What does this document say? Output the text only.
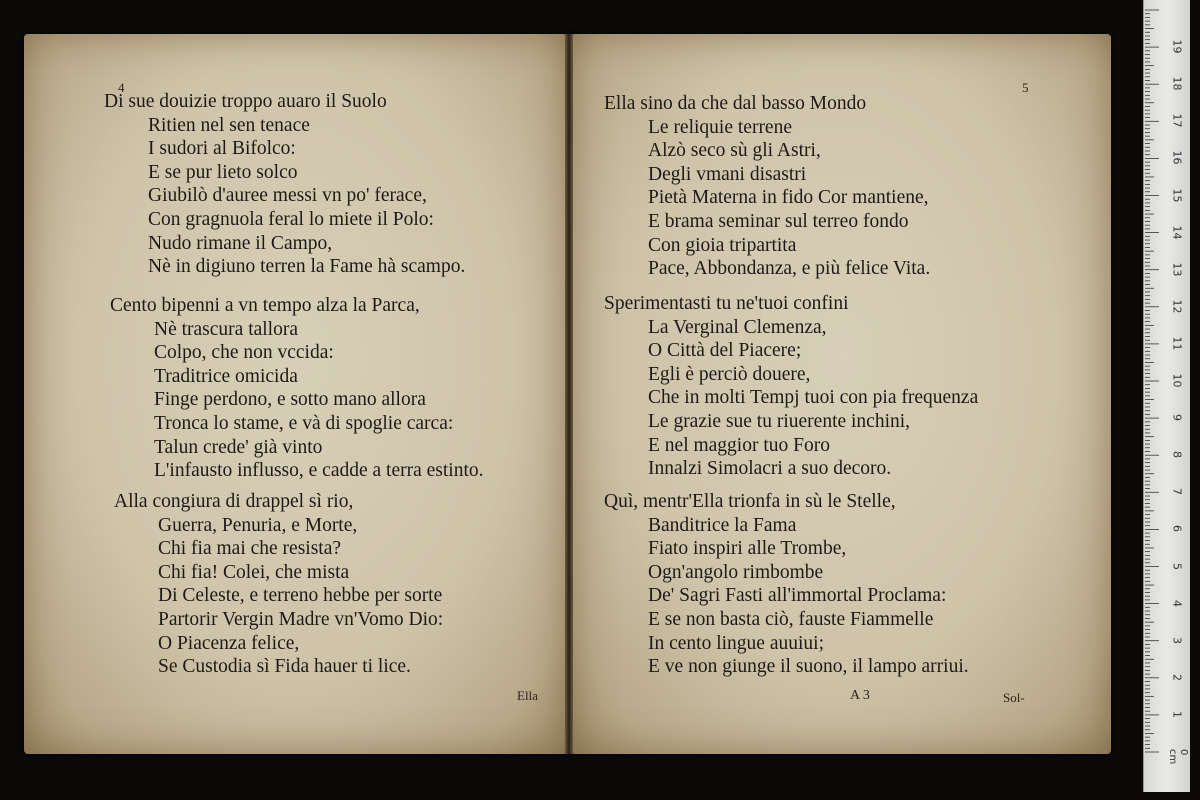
4	5
Di sue douizie troppo auaro il Suolo
Ritien nel sen tenace
I sudori al Bifolco:
E se pur lieto solco
Giubilò d'auree messi vn po' ferace,
Con gragnuola feral lo miete il Polo:
Nudo rimane il Campo,
Nè in digiuno terren la Fame hà scampo.
Cento bipenni a vn tempo alza la Parca,
Nè trascura tallora
Colpo, che non vccida:
Traditrice omicida
Finge perdono, e sotto mano allora
Tronca lo stame, e và di spoglie carca:
Talun crede' già vinto
L'infausto influsso, e cadde a terra estinto.
Alla congiura di drappel sì rio,
Guerra, Penuria, e Morte,
Chi fia mai che resista?
Chi fia! Colei, che mista
Di Celeste, e terreno hebbe per sorte
Partorir Vergin Madre vn'Vomo Dio:
O Piacenza felice,
Se Custodia sì Fida hauer ti lice.
Ella
Ella sino da che dal basso Mondo
Le reliquie terrene
Alzò seco sù gli Astri,
Degli vmani disastri
Pietà Materna in fido Cor mantiene,
E brama seminar sul terreo fondo
Con gioia tripartita
Pace, Abbondanza, e più felice Vita.
Sperimentasti tu ne'tuoi confini
La Verginal Clemenza,
O Città del Piacere;
Egli è perciò douere,
Che in molti Tempj tuoi con pia frequenza
Le grazie sue tu riuerente inchini,
E nel maggior tuo Foro
Innalzi Simolacri a suo decoro.
Quì, mentr'Ella trionfa in sù le Stelle,
Banditrice la Fama
Fiato inspiri alle Trombe,
Ogn'angolo rimbombe
De' Sagri Fasti all'immortal Proclama:
E se non basta ciò, fauste Fiammelle
In cento lingue auuiui;
E ve non giunge il suono, il lampo arriui.
A 3	Sol-
0 cm
1
2
3
4
5
6
7
8
9
10
11
12
13
14
15
16
17
18
19
